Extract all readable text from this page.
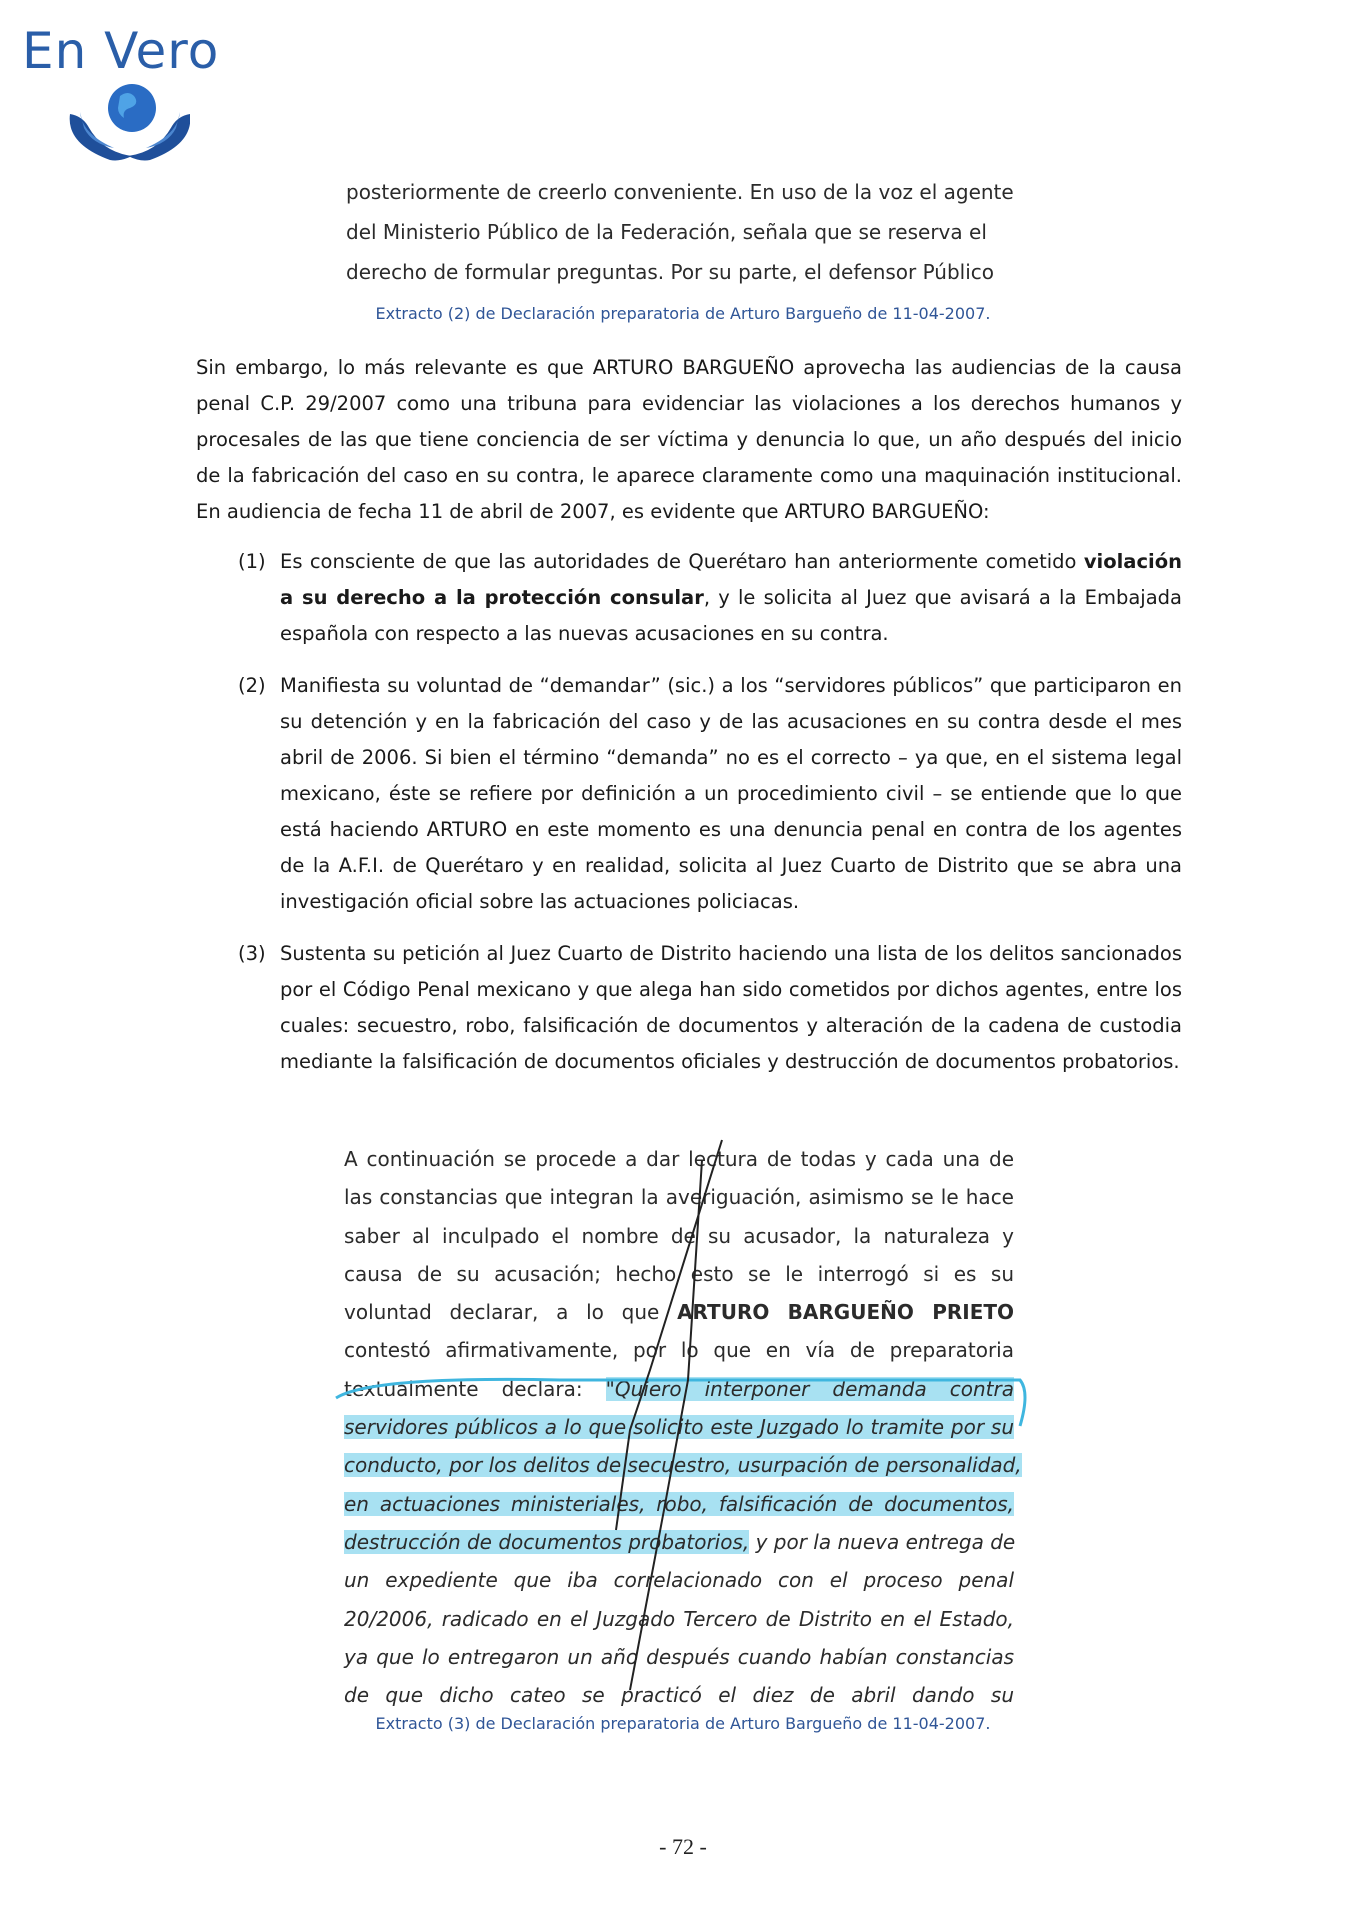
En Vero
posteriormente de creerlo conveniente. En uso de la voz el agente
del Ministerio Público de la Federación, señala que se reserva el
derecho de formular preguntas. Por su parte, el defensor Público
Extracto (2) de Declaración preparatoria de Arturo Bargueño de 11-04-2007.
Sin embargo, lo más relevante es que ARTURO BARGUEÑO aprovecha las audiencias de la causa penal C.P. 29/2007 como una tribuna para evidenciar las violaciones a los derechos humanos y procesales de las que tiene conciencia de ser víctima y denuncia lo que, un año después del inicio de la fabricación del caso en su contra, le aparece claramente como una maquinación institucional. En audiencia de fecha 11 de abril de 2007, es evidente que ARTURO BARGUEÑO:
(1) Es consciente de que las autoridades de Querétaro han anteriormente cometido violación a su derecho a la protección consular, y le solicita al Juez que avisará a la Embajada española con respecto a las nuevas acusaciones en su contra.
(2) Manifiesta su voluntad de “demandar” (sic.) a los “servidores públicos” que participaron en su detención y en la fabricación del caso y de las acusaciones en su contra desde el mes abril de 2006. Si bien el término “demanda” no es el correcto – ya que, en el sistema legal mexicano, éste se refiere por definición a un procedimiento civil – se entiende que lo que está haciendo ARTURO en este momento es una denuncia penal en contra de los agentes de la A.F.I. de Querétaro y en realidad, solicita al Juez Cuarto de Distrito que se abra una investigación oficial sobre las actuaciones policiacas.
(3) Sustenta su petición al Juez Cuarto de Distrito haciendo una lista de los delitos sancionados por el Código Penal mexicano y que alega han sido cometidos por dichos agentes, entre los cuales: secuestro, robo, falsificación de documentos y alteración de la cadena de custodia mediante la falsificación de documentos oficiales y destrucción de documentos probatorios.
A continuación se procede a dar lectura de todas y cada una de
las constancias que integran la averiguación, asimismo se le hace
saber al inculpado el nombre de su acusador, la naturaleza y
causa de su acusación; hecho esto se le interrogó si es su
voluntad declarar, a lo que ARTURO BARGUEÑO PRIETO
contestó afirmativamente, por lo que en vía de preparatoria
textualmente declara: "Quiero interponer demanda contra
servidores públicos a lo que solicito este Juzgado lo tramite por su
conducto, por los delitos de secuestro, usurpación de personalidad,
en actuaciones ministeriales, robo, falsificación de documentos,
destrucción de documentos probatorios, y por la nueva entrega de
un expediente que iba correlacionado con el proceso penal
20/2006, radicado en el Juzgado Tercero de Distrito en el Estado,
ya que lo entregaron un año después cuando habían constancias
de que dicho cateo se practicó el diez de abril dando su
Extracto (3) de Declaración preparatoria de Arturo Bargueño de 11-04-2007.
- 72 -
